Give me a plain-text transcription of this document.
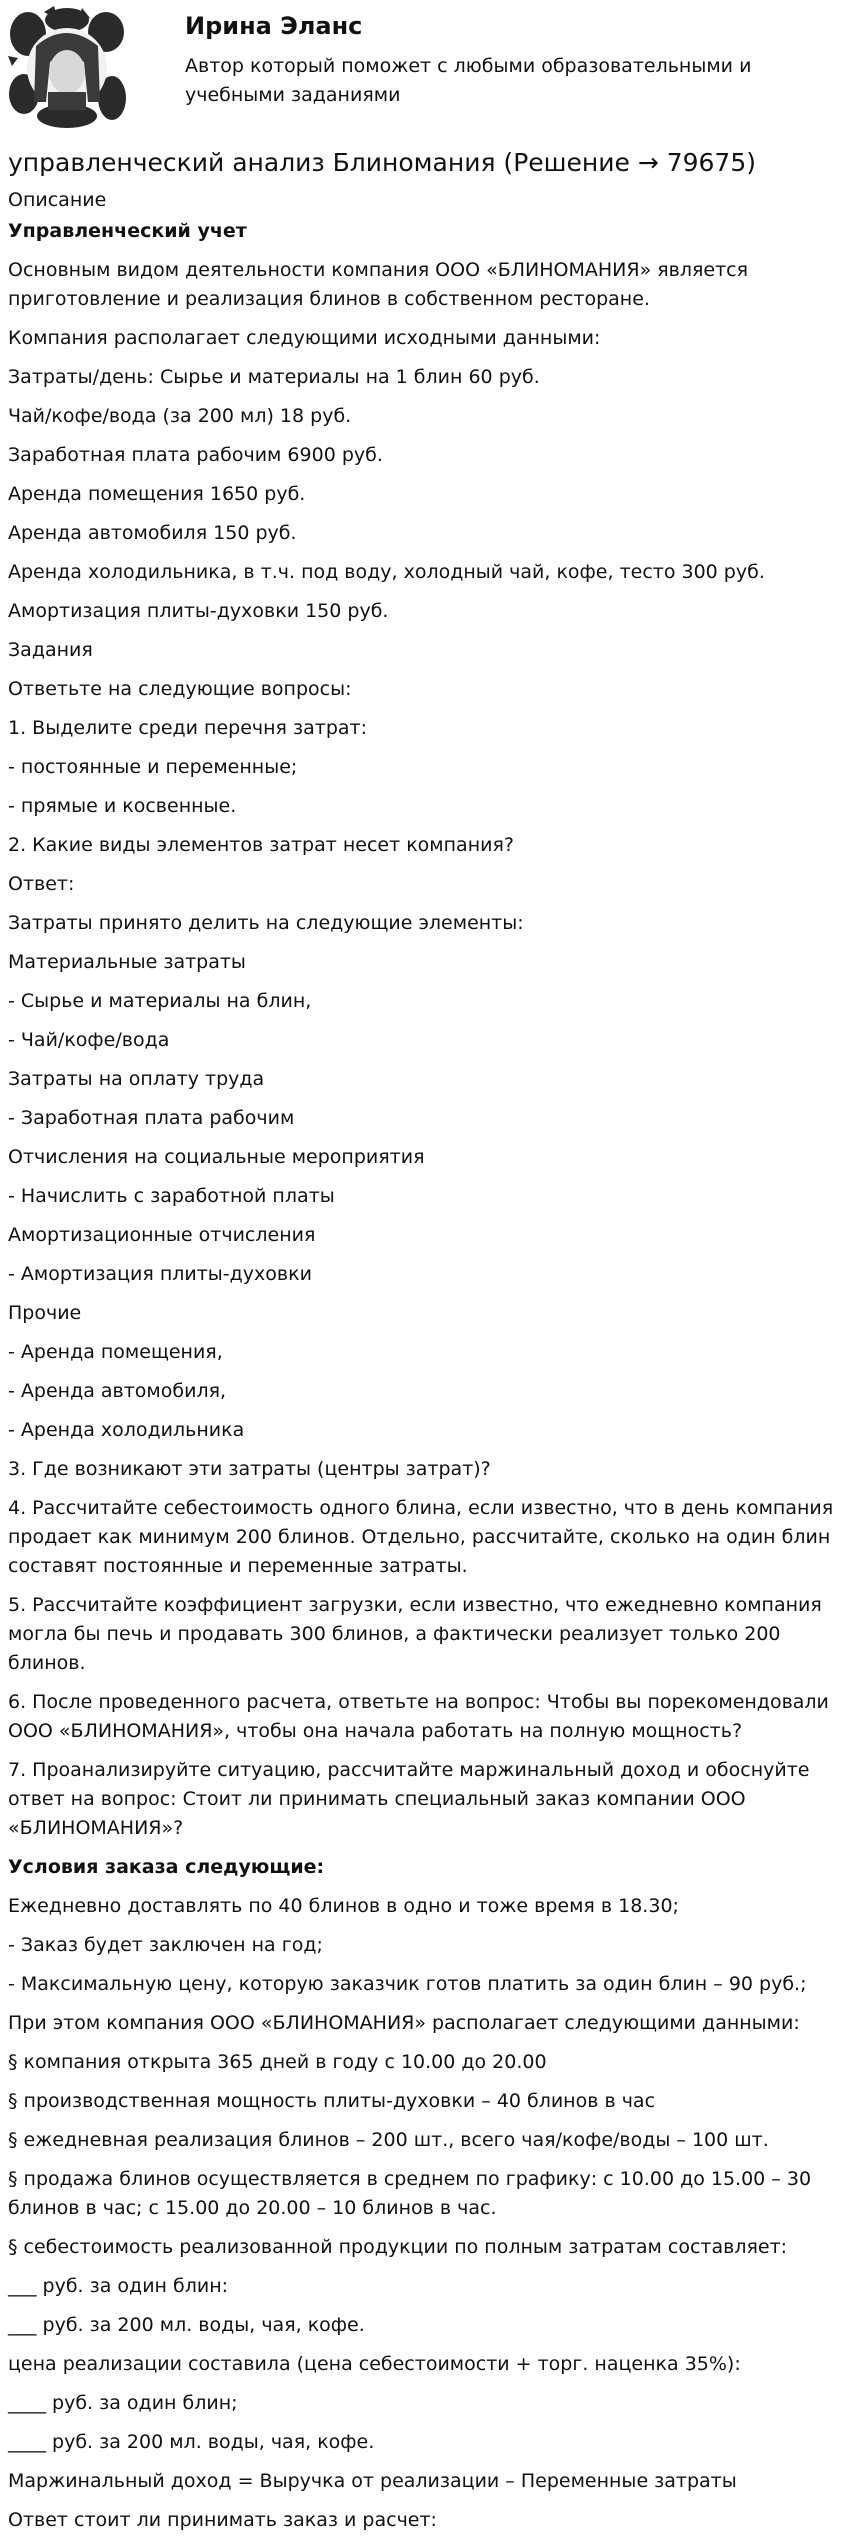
Ирина Эланс
Автор который поможет с любыми образовательными и учебными заданиями
управленческий анализ Блиномания (Решение → 79675)

Описание

Управленческий учет

Основным видом деятельности компания ООО «БЛИНОМАНИЯ» является приготовление и реализация блинов в собственном ресторане.

Компания располагает следующими исходными данными:

Затраты/день: Сырье и материалы на 1 блин 60 руб.

Чай/кофе/вода (за 200 мл) 18 руб.

Заработная плата рабочим 6900 руб.

Аренда помещения 1650 руб.

Аренда автомобиля 150 руб.

Аренда холодильника, в т.ч. под воду, холодный чай, кофе, тесто 300 руб.

Амортизация плиты-духовки 150 руб.

Задания

Ответьте на следующие вопросы:

1. Выделите среди перечня затрат:

- постоянные и переменные;

- прямые и косвенные.

2. Какие виды элементов затрат несет компания?

Ответ:

Затраты принято делить на следующие элементы:

Материальные затраты

- Сырье и материалы на блин,

- Чай/кофе/вода

Затраты на оплату труда

- Заработная плата рабочим

Отчисления на социальные мероприятия

- Начислить с заработной платы

Амортизационные отчисления

- Амортизация плиты-духовки

Прочие

- Аренда помещения,

- Аренда автомобиля,

- Аренда холодильника

3. Где возникают эти затраты (центры затрат)?

4. Рассчитайте себестоимость одного блина, если известно, что в день компания продает как минимум 200 блинов. Отдельно, рассчитайте, сколько на один блин составят постоянные и переменные затраты.

5. Рассчитайте коэффициент загрузки, если известно, что ежедневно компания могла бы печь и продавать 300 блинов, а фактически реализует только 200 блинов.

6. После проведенного расчета, ответьте на вопрос: Чтобы вы порекомендовали ООО «БЛИНОМАНИЯ», чтобы она начала работать на полную мощность?

7. Проанализируйте ситуацию, рассчитайте маржинальный доход и обоснуйте ответ на вопрос: Стоит ли принимать специальный заказ компании ООО «БЛИНОМАНИЯ»?

Условия заказа следующие:

Ежедневно доставлять по 40 блинов в одно и тоже время в 18.30;

- Заказ будет заключен на год;

- Максимальную цену, которую заказчик готов платить за один блин – 90 руб.;

При этом компания ООО «БЛИНОМАНИЯ» располагает следующими данными:

§ компания открыта 365 дней в году с 10.00 до 20.00

§ производственная мощность плиты-духовки – 40 блинов в час

§ ежедневная реализация блинов – 200 шт., всего чая/кофе/воды – 100 шт.

§ продажа блинов осуществляется в среднем по графику: с 10.00 до 15.00 – 30 блинов в час; с 15.00 до 20.00 – 10 блинов в час.

§ себестоимость реализованной продукции по полным затратам составляет:

___ руб. за один блин:

___ руб. за 200 мл. воды, чая, кофе.

цена реализации составила (цена себестоимости + торг. наценка 35%):

____ руб. за один блин;

____ руб. за 200 мл. воды, чая, кофе.

Маржинальный доход = Выручка от реализации – Переменные затраты

Ответ стоит ли принимать заказ и расчет:
